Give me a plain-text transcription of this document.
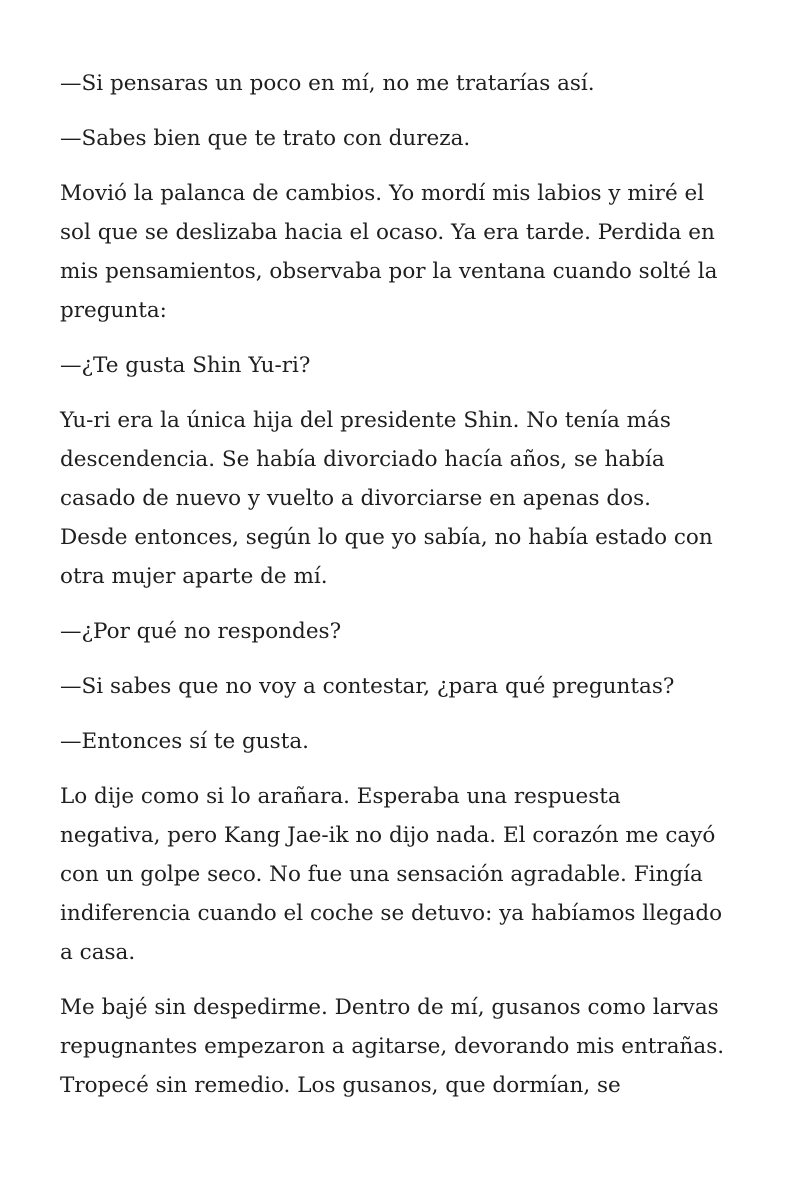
—Si pensaras un poco en mí, no me tratarías así.

—Sabes bien que te trato con dureza.

Movió la palanca de cambios. Yo mordí mis labios y miré el
sol que se deslizaba hacia el ocaso. Ya era tarde. Perdida en
mis pensamientos, observaba por la ventana cuando solté la
pregunta:

—¿Te gusta Shin Yu-ri?

Yu-ri era la única hija del presidente Shin. No tenía más
descendencia. Se había divorciado hacía años, se había
casado de nuevo y vuelto a divorciarse en apenas dos.
Desde entonces, según lo que yo sabía, no había estado con
otra mujer aparte de mí.

—¿Por qué no respondes?

—Si sabes que no voy a contestar, ¿para qué preguntas?

—Entonces sí te gusta.

Lo dije como si lo arañara. Esperaba una respuesta
negativa, pero Kang Jae-ik no dijo nada. El corazón me cayó
con un golpe seco. No fue una sensación agradable. Fingía
indiferencia cuando el coche se detuvo: ya habíamos llegado
a casa.

Me bajé sin despedirme. Dentro de mí, gusanos como larvas
repugnantes empezaron a agitarse, devorando mis entrañas.
Tropecé sin remedio. Los gusanos, que dormían, se
